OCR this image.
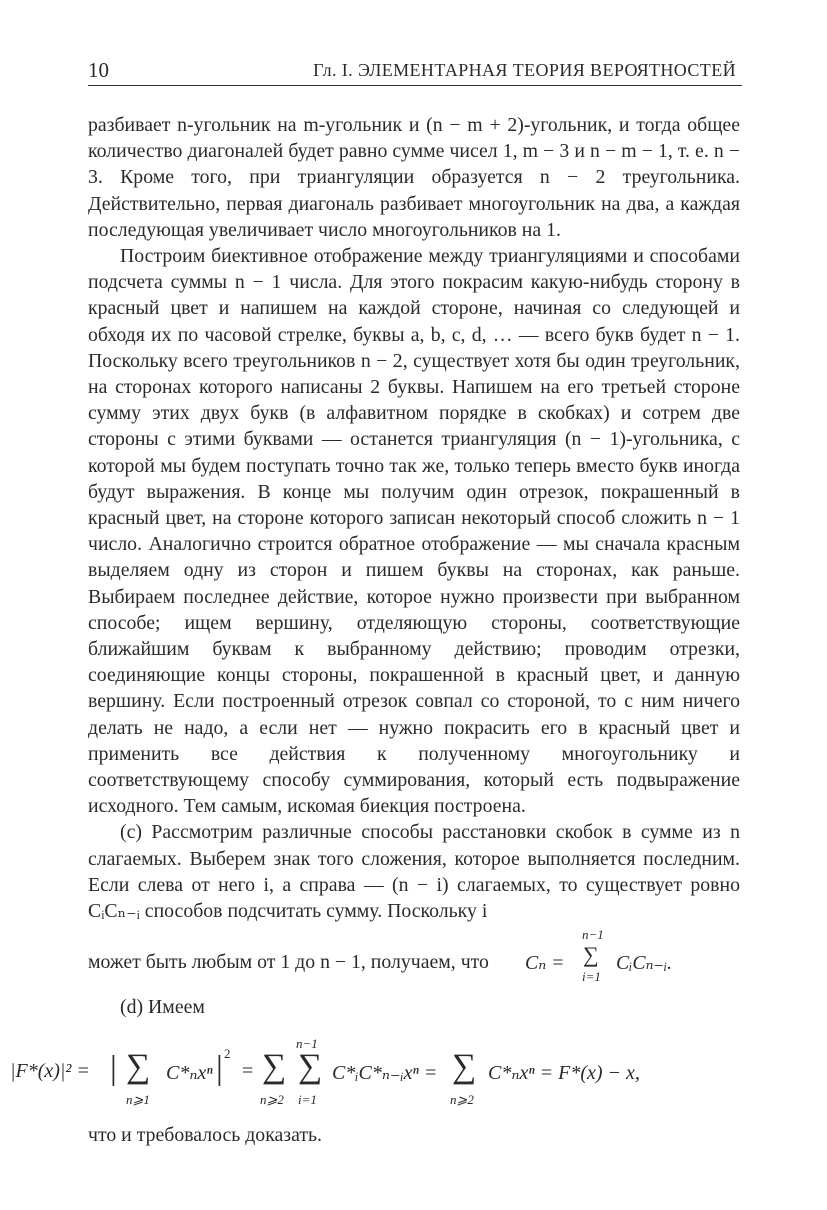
10	Гл. I. ЭЛЕМЕНТАРНАЯ ТЕОРИЯ ВЕРОЯТНОСТЕЙ

разбивает n-угольник на m-угольник и (n − m + 2)-угольник, и тогда общее количество диагоналей будет равно сумме чисел 1, m − 3 и n − m − 1, т. е. n − 3. Кроме того, при триангуляции образуется n − 2 треугольника. Действительно, первая диагональ разбивает многоугольник на два, а каждая последующая увеличивает число многоугольников на 1.

Построим биективное отображение между триангуляциями и способами подсчета суммы n − 1 числа. Для этого покрасим какую-нибудь сторону в красный цвет и напишем на каждой стороне, начиная со следующей и обходя их по часовой стрелке, буквы a, b, c, d, … — всего букв будет n − 1. Поскольку всего треугольников n − 2, существует хотя бы один треугольник, на сторонах которого написаны 2 буквы. Напишем на его третьей стороне сумму этих двух букв (в алфавитном порядке в скобках) и сотрем две стороны с этими буквами — останется триангуляция (n − 1)-угольника, с которой мы будем поступать точно так же, только теперь вместо букв иногда будут выражения. В конце мы получим один отрезок, покрашенный в красный цвет, на стороне которого записан некоторый способ сложить n − 1 число. Аналогично строится обратное отображение — мы сначала красным выделяем одну из сторон и пишем буквы на сторонах, как раньше. Выбираем последнее действие, которое нужно произвести при выбранном способе; ищем вершину, отделяющую стороны, соответствующие ближайшим буквам к выбранному действию; проводим отрезки, соединяющие концы стороны, покрашенной в красный цвет, и данную вершину. Если построенный отрезок совпал со стороной, то с ним ничего делать не надо, а если нет — нужно покрасить его в красный цвет и применить все действия к полученному многоугольнику и соответствующему способу суммирования, который есть подвыражение исходного. Тем самым, искомая биекция построена.

(c) Рассмотрим различные способы расстановки скобок в сумме из n слагаемых. Выберем знак того сложения, которое выполняется последним. Если слева от него i, а справа — (n − i) слагаемых, то существует ровно CᵢCₙ₋ᵢ способов подсчитать сумму. Поскольку i

может быть любым от 1 до n − 1, получаем, что Cₙ =
n−1
∑
i=1
CᵢCₙ₋ᵢ.

(d) Имеем

|F*(x)|² = | ∑
n⩾1
C*ₙxⁿ | 2
= ∑
n⩾2
n−1
∑
i=1
C*ᵢC*ₙ₋ᵢxⁿ = ∑
n⩾2
C*ₙxⁿ = F*(x) − x,

что и требовалось доказать.
